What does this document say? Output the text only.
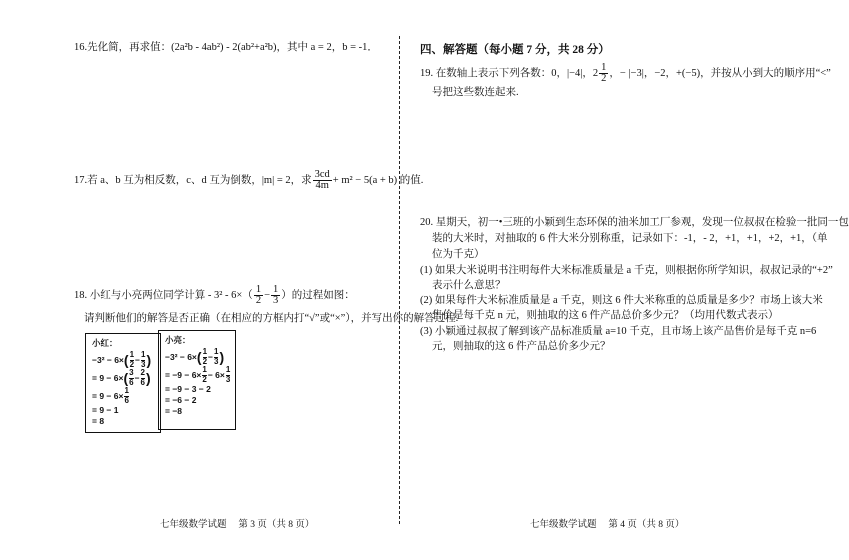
16.先化简，再求值：(2a²b - 4ab²) - 2(ab²+a²b)，其中 a = 2，b = -1．
17.若 a、b 互为相反数，c、d 互为倒数，|m| = 2，求 $\frac{3cd}{4m} + m^2 - 5(a + b)$ 的值.
18. 小红与小亮两位同学计算 - $3^2 - 6\times( \frac{1}{2} - \frac{1}{3}$ ）的过程如图：
请判断他们的解答是否正确（在相应的方框内打“√”或“×”），并写出你的解答过程.
小红：
−3² − 6× ( 1
$2 - \frac{1}{3}$ )
= 9 − 6× ( 3
$6 - \frac{2}{6}$ )
= $9 - 6\times \frac{1}{6}$
= 9 − 1
= 8
小亮：
−3² − 6× ( 1
$2 - \frac{1}{3}$ )
= $-9 - 6\times \frac{1}{2} - 6\times \frac{1}{3}$
= −9 − 3 − 2
= −6 − 2
= −8
七年级数学试题　 第 3 页（共 8 页）
四、解答题（每小题 7 分，共 28 分）
19. 在数轴上表示下列各数：0，|−4|，$2 \frac{1}{2}$ ，− |−3|，−2，+(−5)，并按从小到大的顺序用“<”
号把这些数连起来.
20. 星期天，初一•三班的小颖到生态环保的油米加工厂参观，发现一位叔叔在检验一批同一包
装的大米时，对抽取的 6 件大米分别称重，记录如下：-1，- 2，+1，+1，+2，+1，（单
位为千克）
(1) 如果大米说明书注明每件大米标准质量是 a 千克，则根据你所学知识，叔叔记录的“+2”
表示什么意思？
(2) 如果每件大米标准质量是 a 千克，则这 6 件大米称重的总质量是多少？市场上该大米
售价是每千克 n 元，则抽取的这 6 件产品总价多少元？（均用代数式表示）
(3) 小颖通过叔叔了解到该产品标准质量 a=10 千克，且市场上该产品售价是每千克 n=6
元，则抽取的这 6 件产品总价多少元？
七年级数学试题　 第 4 页（共 8 页）
